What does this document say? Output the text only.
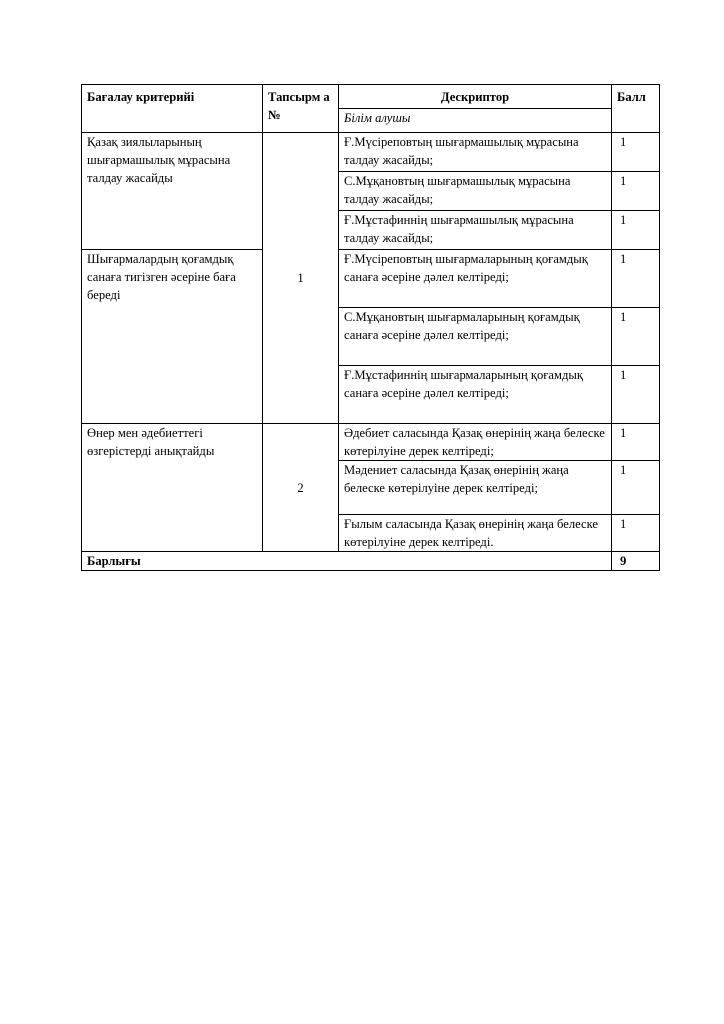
Бағалау критерийі	Тапсырм а №	Дескриптор	Балл
		Білім алушы	
Қазақ зиялыларының шығармашылық мұрасына талдау жасайды	1	Ғ.Мүсіреповтың шығармашылық мұрасына талдау жасайды;	1
		С.Мұқановтың шығармашылық мұрасына талдау жасайды;	1
		Ғ.Мұстафиннің шығармашылық мұрасына талдау жасайды;	1
Шығармалардың қоғамдық санаға тигізген әсеріне баға береді		Ғ.Мүсіреповтың шығармаларының қоғамдық санаға әсеріне дәлел келтіреді;	1
		С.Мұқановтың шығармаларының қоғамдық санаға әсеріне дәлел келтіреді;	1
		Ғ.Мұстафиннің шығармаларының қоғамдық санаға әсеріне дәлел келтіреді;	1
Өнер мен әдебиеттегі өзгерістерді анықтайды	2	Әдебиет саласында Қазақ өнерінің жаңа белеске көтерілуіне дерек келтіреді;	1
		Мәдениет саласында Қазақ өнерінің жаңа белеске көтерілуіне дерек келтіреді;	1
		Ғылым саласында Қазақ өнерінің жаңа белеске көтерілуіне дерек келтіреді.	1
Барлығы			9
